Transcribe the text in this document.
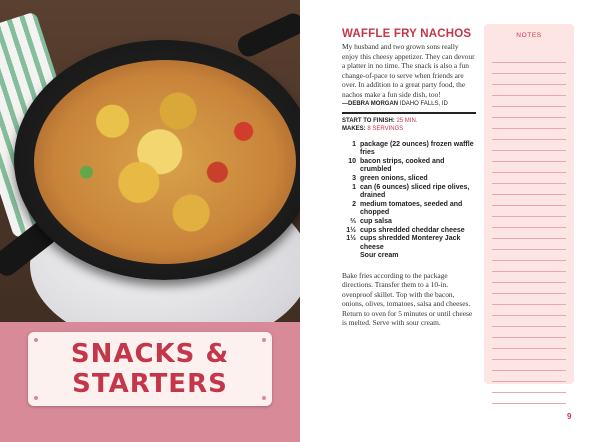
SNACKS &
STARTERS
WAFFLE FRY NACHOS
My husband and two grown sons really enjoy this cheesy appetizer. They can devour a platter in no time. The snack is also a fun change-of-pace to serve when friends are over. In addition to a great party food, the nachos make a fun side dish, too!
—DEBRA MORGAN IDAHO FALLS, ID
START TO FINISH: 25 MIN.
MAKES: 8 SERVINGS
1 package (22 ounces) frozen waffle fries
10 bacon strips, cooked and crumbled
3 green onions, sliced
1 can (6 ounces) sliced ripe olives, drained
2 medium tomatoes, seeded and chopped
⅔ cup salsa
1½ cups shredded cheddar cheese
1½ cups shredded Monterey Jack cheese
Sour cream
Bake fries according to the package directions. Transfer them to a 10-in. ovenproof skillet. Top with the bacon, onions, olives, tomatoes, salsa and cheeses. Return to oven for 5 minutes or until cheese is melted. Serve with sour cream.
NOTES
9
